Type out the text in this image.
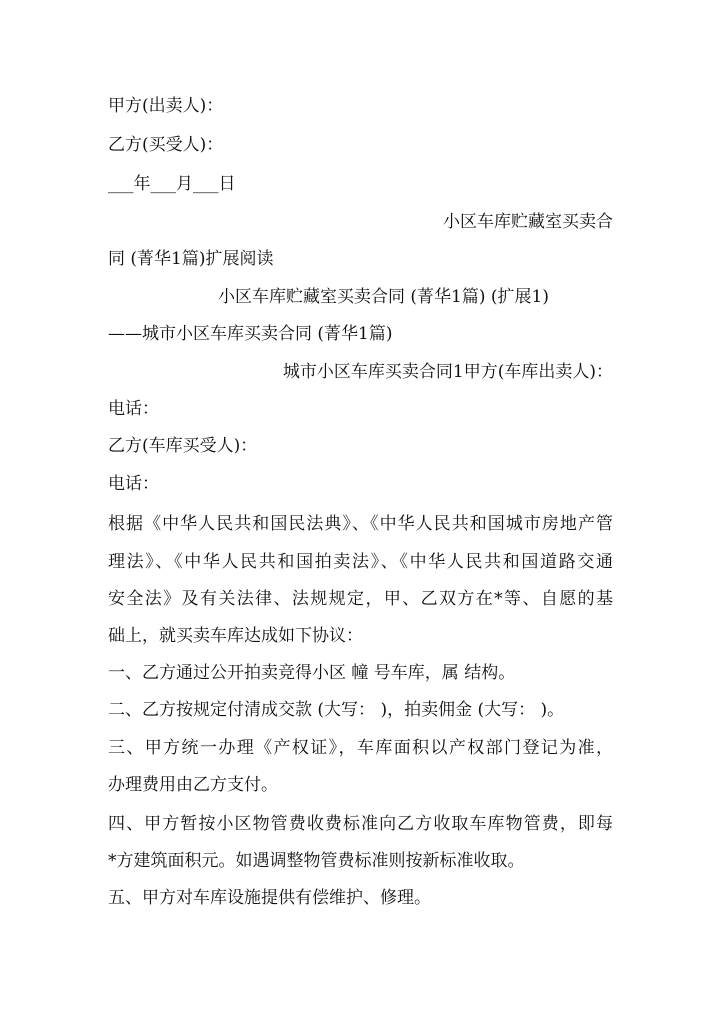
甲方(出卖人)：
乙方(买受人)：
___年___月___日
小区车库贮藏室买卖合
同 (菁华1篇)扩展阅读
小区车库贮藏室买卖合同 (菁华1篇) (扩展1)
——城市小区车库买卖合同 (菁华1篇)
城市小区车库买卖合同1甲方(车库出卖人)：
电话：
乙方(车库买受人)：
电话：
根据《中华人民共和国民法典》、《中华人民共和国城市房地产管
理法》、《中华人民共和国拍卖法》、《中华人民共和国道路交通
安全法》及有关法律、法规规定，甲、乙双方在*等、自愿的基
础上，就买卖车库达成如下协议：
一、乙方通过公开拍卖竞得小区 幢 号车库，属 结构。
二、乙方按规定付清成交款 (大写： )，拍卖佣金 (大写： )。
三、甲方统一办理《产权证》，车库面积以产权部门登记为准，
办理费用由乙方支付。
四、甲方暂按小区物管费收费标准向乙方收取车库物管费，即每
*方建筑面积元。如遇调整物管费标准则按新标准收取。
五、甲方对车库设施提供有偿维护、修理。
